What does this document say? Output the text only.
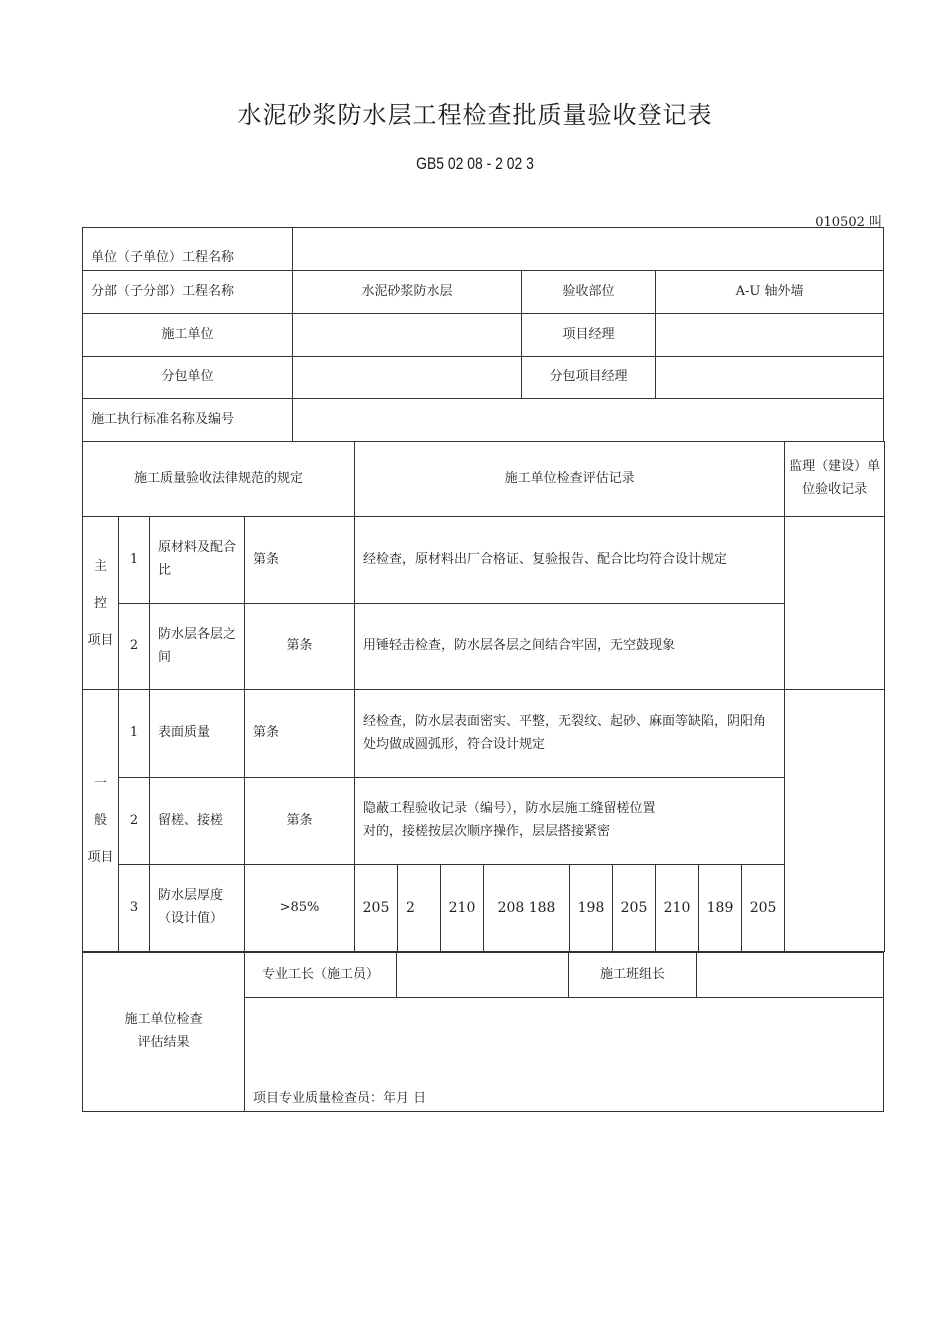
水泥砂浆防水层工程检查批质量验收登记表
GB5 02 08 - 2 02 3
010502 叫
单位（子单位）工程名称			
分部（子分部）工程名称	水泥砂浆防水层	验收部位	A-U 轴外墙
施工单位		项目经理	
分包单位		分包项目经理	
施工执行标准名称及编号			
施工质量验收法律规范的规定				施工单位检查评估记录									监理（建设）单位验收记录

主
控
项目	1	原材料及配合比	第条	经检查，原材料出厂合格证、复验报告、配合比均符合设计规定									
	2	防水层各层之间	第条	用锤轻击检查，防水层各层之间结合牢固，无空鼓现象									

一
般
项目	1	表面质量	第条	经检查，防水层表面密实、平整，无裂纹、起砂、麻面等缺陷，阴阳角处均做成圆弧形，符合设计规定									
	2	留槎、接槎	第条	隐蔽工程验收记录（编号），防水层施工缝留槎位置
对的，接槎按层次顺序操作，层层搭接紧密									

	3	防水层厚度（设计值）	>85%	205	2	210	208 188	198	205	210	189	205	
施工单位检查
评估结果
	专业工长（施工员）		施工班组长	
项目专业质量检查员：年月 日
